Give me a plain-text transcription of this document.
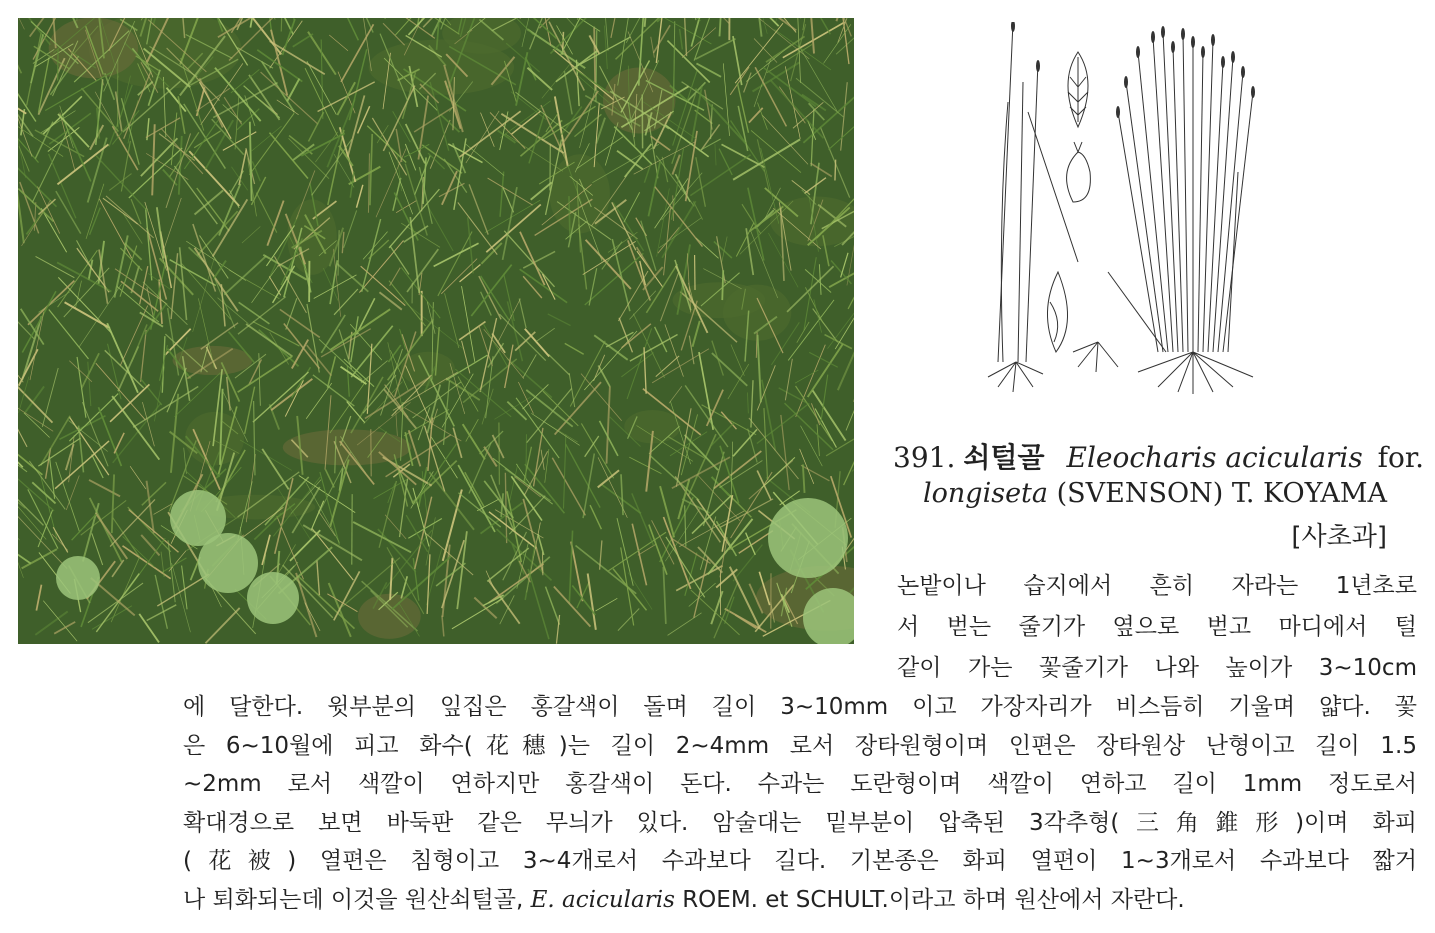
391. 쇠털골 Eleocharis acicularis for.
longiseta (SVENSON) T. KOYAMA
[사초과]
논밭이나 습지에서 흔히 자라는 1년초로
서 벋는 줄기가 옆으로 벋고 마디에서 털
같이 가는 꽃줄기가 나와 높이가 3~10cm
에 달한다. 윗부분의 잎집은 홍갈색이 돌며 길이 3~10mm 이고 가장자리가 비스듬히 기울며 얇다. 꽃
은 6~10월에 피고 화수(花穗)는 길이 2~4mm 로서 장타원형이며 인편은 장타원상 난형이고 길이 1.5
~2mm 로서 색깔이 연하지만 홍갈색이 돈다. 수과는 도란형이며 색깔이 연하고 길이 1mm 정도로서
확대경으로 보면 바둑판 같은 무늬가 있다. 암술대는 밑부분이 압축된 3각추형(三角錐形)이며 화피
(花被) 열편은 침형이고 3~4개로서 수과보다 길다. 기본종은 화피 열편이 1~3개로서 수과보다 짧거
나 퇴화되는데 이것을 원산쇠털골, E. acicularis ROEM. et SCHULT.이라고 하며 원산에서 자란다.
